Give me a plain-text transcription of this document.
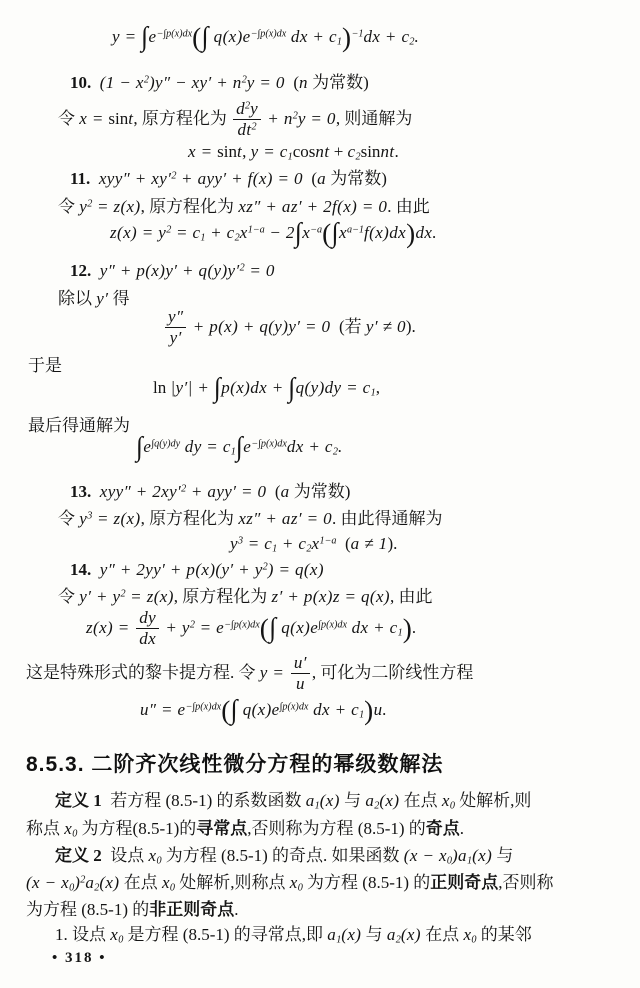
$y = \int e^{-\int p(x)dx}(\int$ $q(x)e^{-\int p(x)dx}$ dx + $c_1)^{-1}dx + c_2$.
10. $(1 - x^2)y'' - xy' + n^2y = 0$  (n 为常数)
令 x = sint, 原方程化为 $\frac{d^2y}{dt^2} + n^2y = 0$, 则通解为
x = sint, $y = c_1cosnt$ + $c_2sinnt$.
11. $xyy'' + xy'^2 + ayy' + f(x) = 0$  (a 为常数)
令 $y^2 = z(x)$, 原方程化为 xz″ + az′ + 2f(x) = 0. 由此
$z(x) = y^2 = c_1 + c_2x^{1-a} - 2\int x^{-a}(\int x^{a-1}f(x)dx)dx$.
12. $y'' + p(x)y' + q(y)y'^2 = 0$
除以 y′ 得
$\frac{y''}{y'} + p(x) + q(y)y' = 0$  (若 y′ ≠ 0).
于是
$\ln |y'| + \int p(x)dx + \int q(y)dy = c_1$,
最后得通解为
$\int e^{\int q(y)dy}$ dy = $c_1\int e^{-\int p(x)dx}dx + c_2$.
13. $xyy'' + 2xy'^2 + ayy' = 0$  (a 为常数)
令 $y^3 = z(x)$, 原方程化为 xz″ + az′ = 0. 由此得通解为
$y^3 = c_1 + c_2x^{1-a}$  (a ≠ 1).
14. $y'' + 2yy' + p(x)(y' + y^2) = q(x)$
令 $y' + y^2 = z(x)$, 原方程化为 z′ + p(x)z = q(x), 由此
$z(x) = \frac{dy}{dx} + y^2 = e^{-\int p(x)dx}(\int$ $q(x)e^{\int p(x)dx}$ dx + $c_1$).
这是特殊形式的黎卡提方程. 令 $y = \frac{u'}{u}$ , 可化为二阶线性方程
$u'' = e^{-\int p(x)dx}(\int$ $q(x)e^{\int p(x)dx}$ dx + $c_1)u$.
8.5.3. 二阶齐次线性微分方程的幂级数解法
定义 1  若方程 (8.5-1) 的系数函数 $a_1(x)$ 与 $a_2(x)$ 在点 $x_0$ 处解析,则
称点 $x_0$ 为方程(8.5-1)的寻常点,否则称为方程 (8.5-1) 的奇点.
定义 2  设点 $x_0$ 为方程 (8.5-1) 的奇点. 如果函数 $(x - x_0)a_1(x)$ 与
$(x - x_0)^2a_2(x)$ 在点 $x_0$ 处解析,则称点 $x_0$ 为方程 (8.5-1) 的正则奇点,否则称
为方程 (8.5-1) 的非正则奇点.
1. 设点 $x_0$ 是方程 (8.5-1) 的寻常点,即 $a_1(x)$ 与 $a_2(x)$ 在点 $x_0$ 的某邻
• 318 •
